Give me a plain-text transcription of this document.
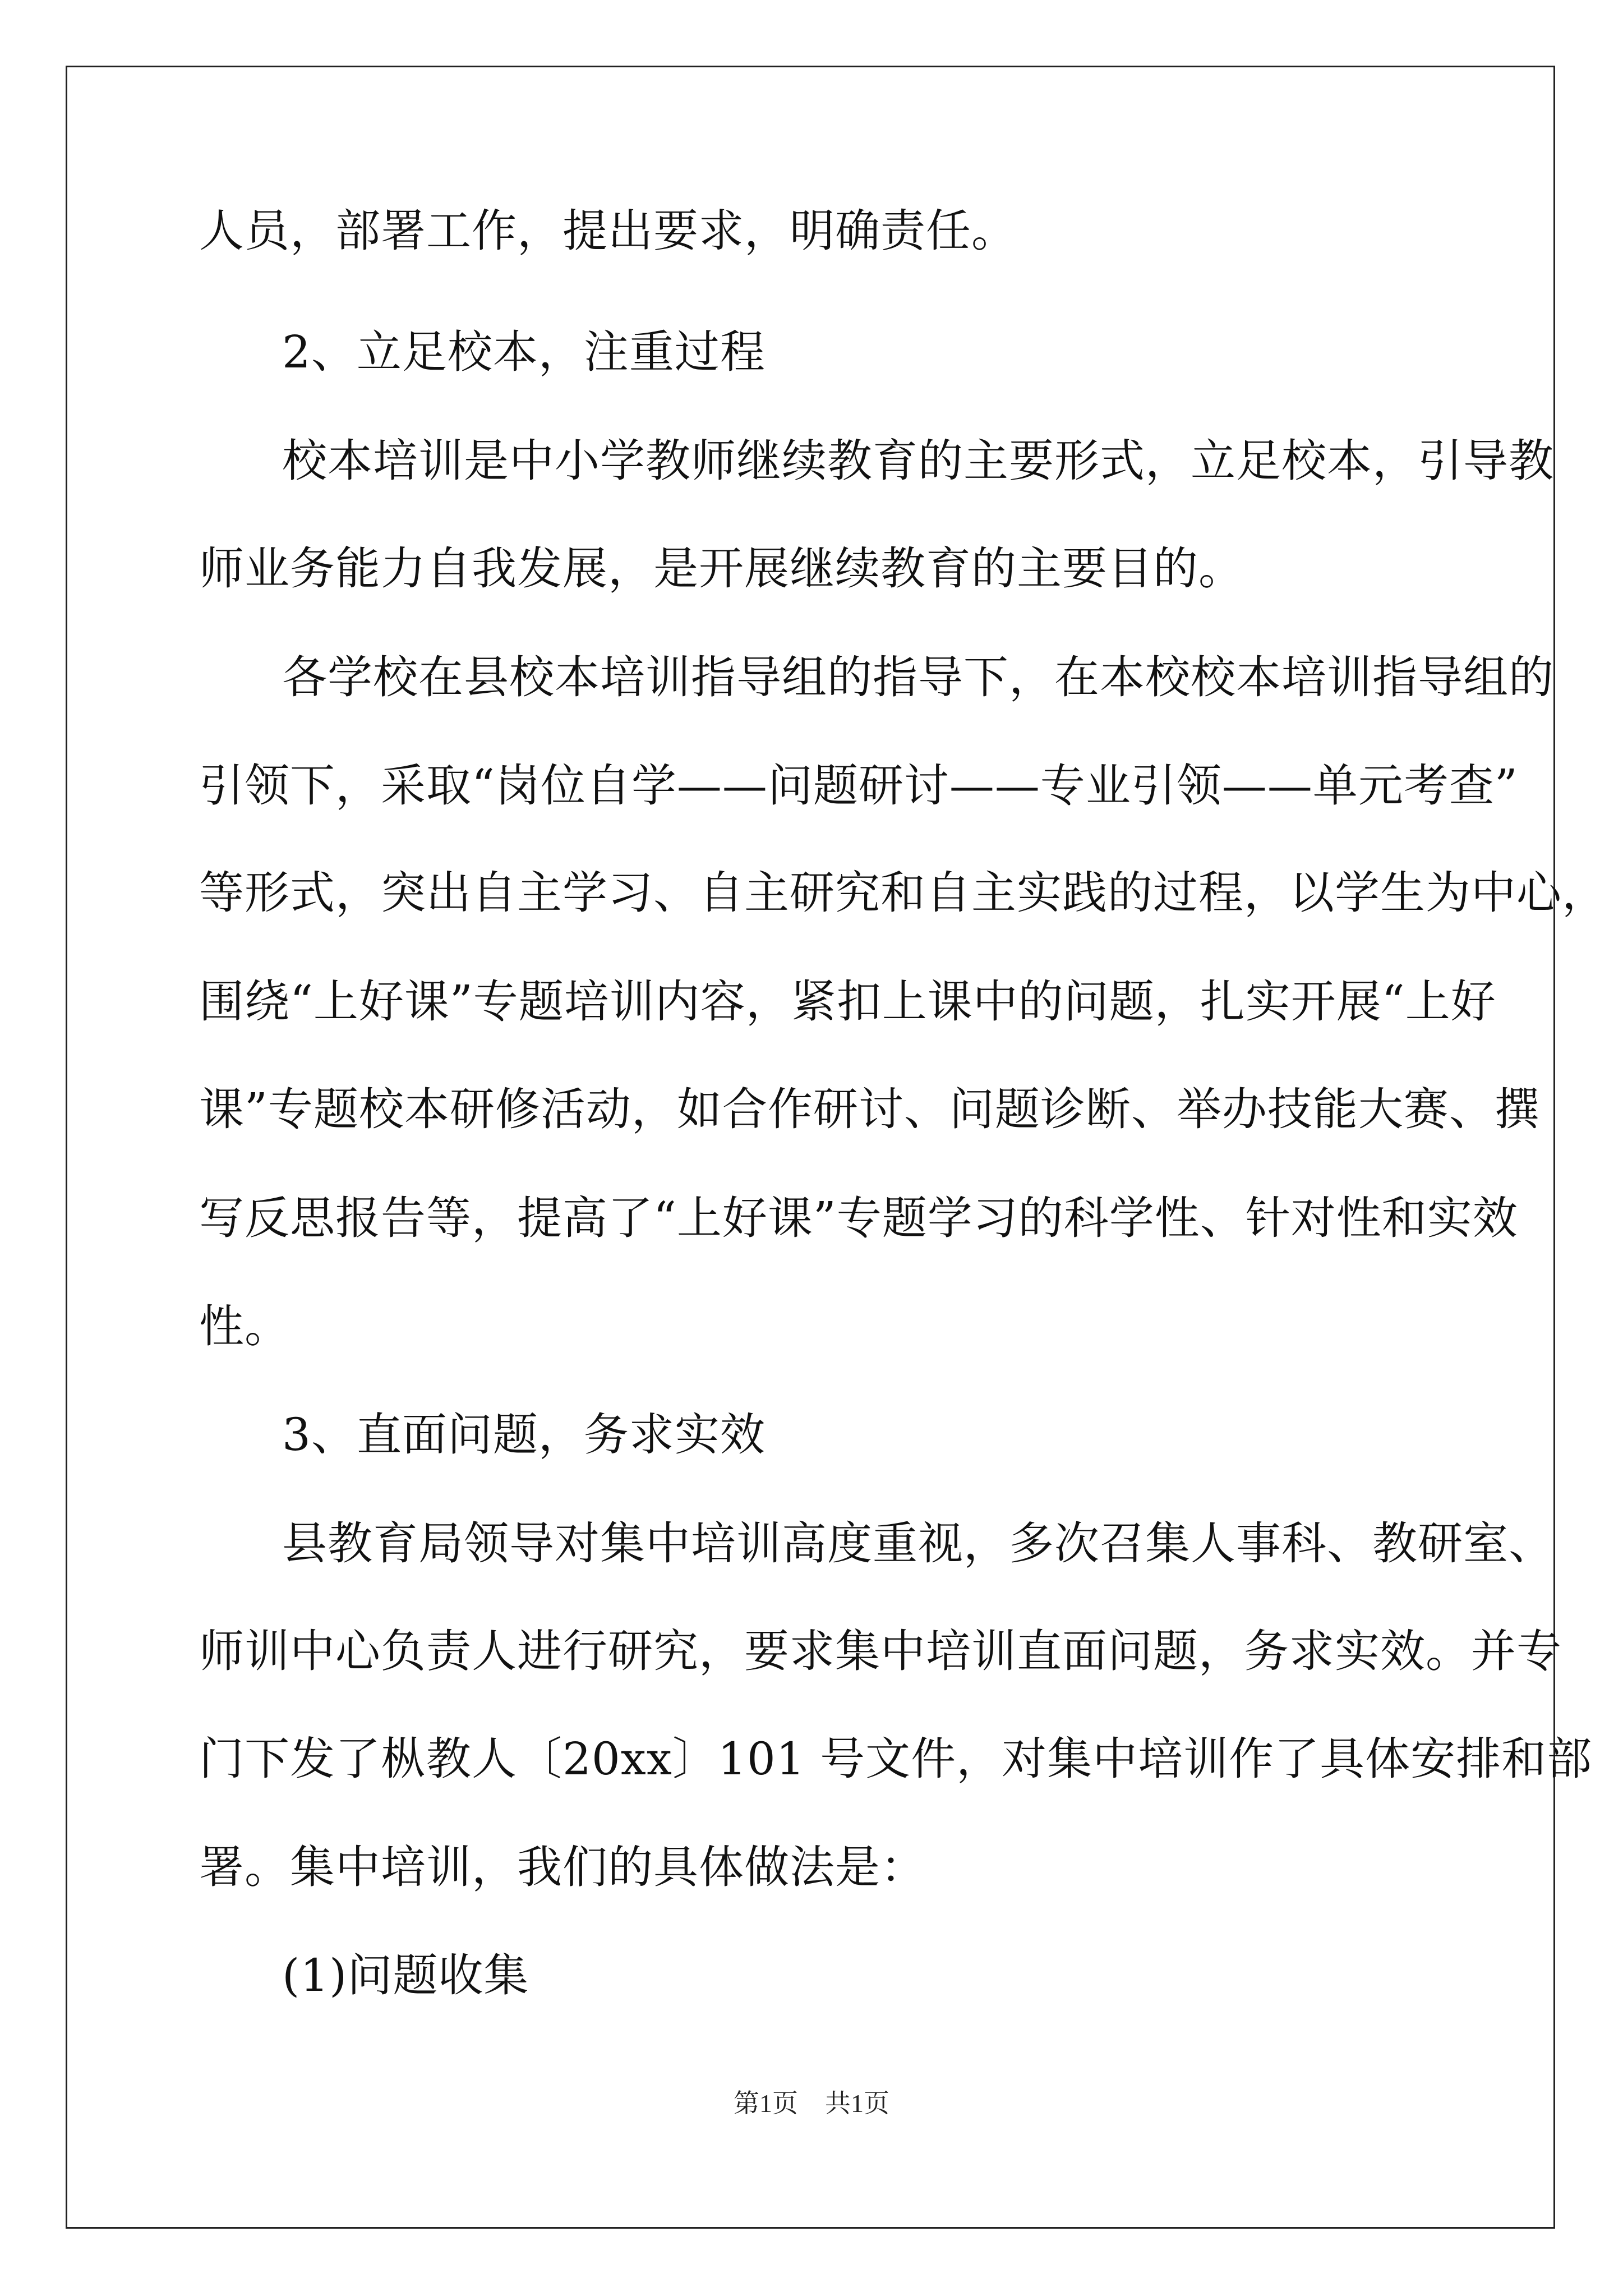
人员，部署工作，提出要求，明确责任。
2、立足校本，注重过程
校本培训是中小学教师继续教育的主要形式，立足校本，引导教
师业务能力自我发展，是开展继续教育的主要目的。
各学校在县校本培训指导组的指导下，在本校校本培训指导组的
引领下，采取“岗位自学——问题研讨——专业引领——单元考查”
等形式，突出自主学习、自主研究和自主实践的过程，以学生为中心，
围绕“上好课”专题培训内容，紧扣上课中的问题，扎实开展“上好
课”专题校本研修活动，如合作研讨、问题诊断、举办技能大赛、撰
写反思报告等，提高了“上好课”专题学习的科学性、针对性和实效
性。
3、直面问题，务求实效
县教育局领导对集中培训高度重视，多次召集人事科、教研室、
师训中心负责人进行研究，要求集中培训直面问题，务求实效。并专
门下发了枞教人〔20xx〕101 号文件，对集中培训作了具体安排和部
署。集中培训，我们的具体做法是：
(1)问题收集
第1页 共1页
